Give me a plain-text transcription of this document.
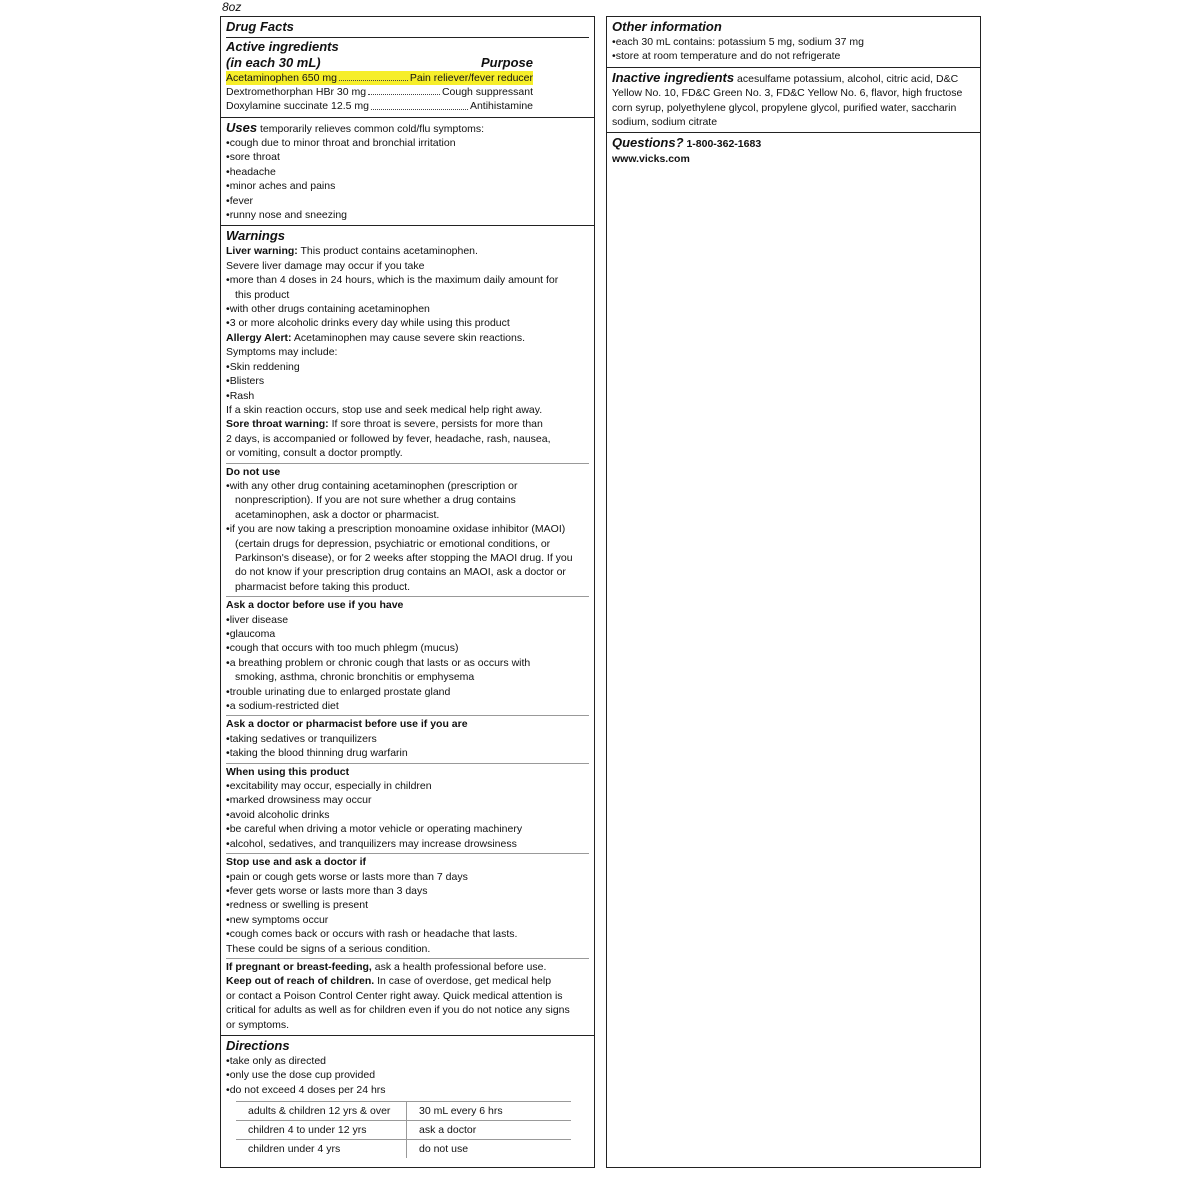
8oz
Drug Facts
Active ingredients
(in each 30 mL)	Purpose
Acetaminophen 650 mg	Pain reliever/fever reducer
Dextromethorphan HBr 30 mg	Cough suppressant
Doxylamine succinate 12.5 mg	Antihistamine
Uses temporarily relieves common cold/flu symptoms:
• cough due to minor throat and bronchial irritation
• sore throat
• headache
• minor aches and pains
• fever
• runny nose and sneezing
Warnings
Liver warning: This product contains acetaminophen.
Severe liver damage may occur if you take
• more than 4 doses in 24 hours, which is the maximum daily amount for
this product
• with other drugs containing acetaminophen
• 3 or more alcoholic drinks every day while using this product
Allergy Alert: Acetaminophen may cause severe skin reactions.
Symptoms may include:
• Skin reddening
• Blisters
• Rash
If a skin reaction occurs, stop use and seek medical help right away.
Sore throat warning: If sore throat is severe, persists for more than
2 days, is accompanied or followed by fever, headache, rash, nausea,
or vomiting, consult a doctor promptly.
Do not use
• with any other drug containing acetaminophen (prescription or
nonprescription). If you are not sure whether a drug contains
acetaminophen, ask a doctor or pharmacist.
• if you are now taking a prescription monoamine oxidase inhibitor (MAOI)
(certain drugs for depression, psychiatric or emotional conditions, or
Parkinson's disease), or for 2 weeks after stopping the MAOI drug. If you
do not know if your prescription drug contains an MAOI, ask a doctor or
pharmacist before taking this product.
Ask a doctor before use if you have
• liver disease
• glaucoma
• cough that occurs with too much phlegm (mucus)
• a breathing problem or chronic cough that lasts or as occurs with
smoking, asthma, chronic bronchitis or emphysema
• trouble urinating due to enlarged prostate gland
• a sodium-restricted diet
Ask a doctor or pharmacist before use if you are
• taking sedatives or tranquilizers
• taking the blood thinning drug warfarin
When using this product
• excitability may occur, especially in children
• marked drowsiness may occur
• avoid alcoholic drinks
• be careful when driving a motor vehicle or operating machinery
• alcohol, sedatives, and tranquilizers may increase drowsiness
Stop use and ask a doctor if
• pain or cough gets worse or lasts more than 7 days
• fever gets worse or lasts more than 3 days
• redness or swelling is present
• new symptoms occur
• cough comes back or occurs with rash or headache that lasts.
These could be signs of a serious condition.
If pregnant or breast-feeding, ask a health professional before use.
Keep out of reach of children. In case of overdose, get medical help
or contact a Poison Control Center right away. Quick medical attention is
critical for adults as well as for children even if you do not notice any signs
or symptoms.
Directions
• take only as directed
• only use the dose cup provided
• do not exceed 4 doses per 24 hrs
adults & children 12 yrs & over	30 mL every 6 hrs
children 4 to under 12 yrs	ask a doctor
children under 4 yrs	do not use
Other information
• each 30 mL contains: potassium 5 mg, sodium 37 mg
• store at room temperature and do not refrigerate
Inactive ingredients acesulfame potassium, alcohol, citric acid, D&C
Yellow No. 10, FD&C Green No. 3, FD&C Yellow No. 6, flavor, high fructose
corn syrup, polyethylene glycol, propylene glycol, purified water, saccharin
sodium, sodium citrate
Questions? 1-800-362-1683
www.vicks.com
